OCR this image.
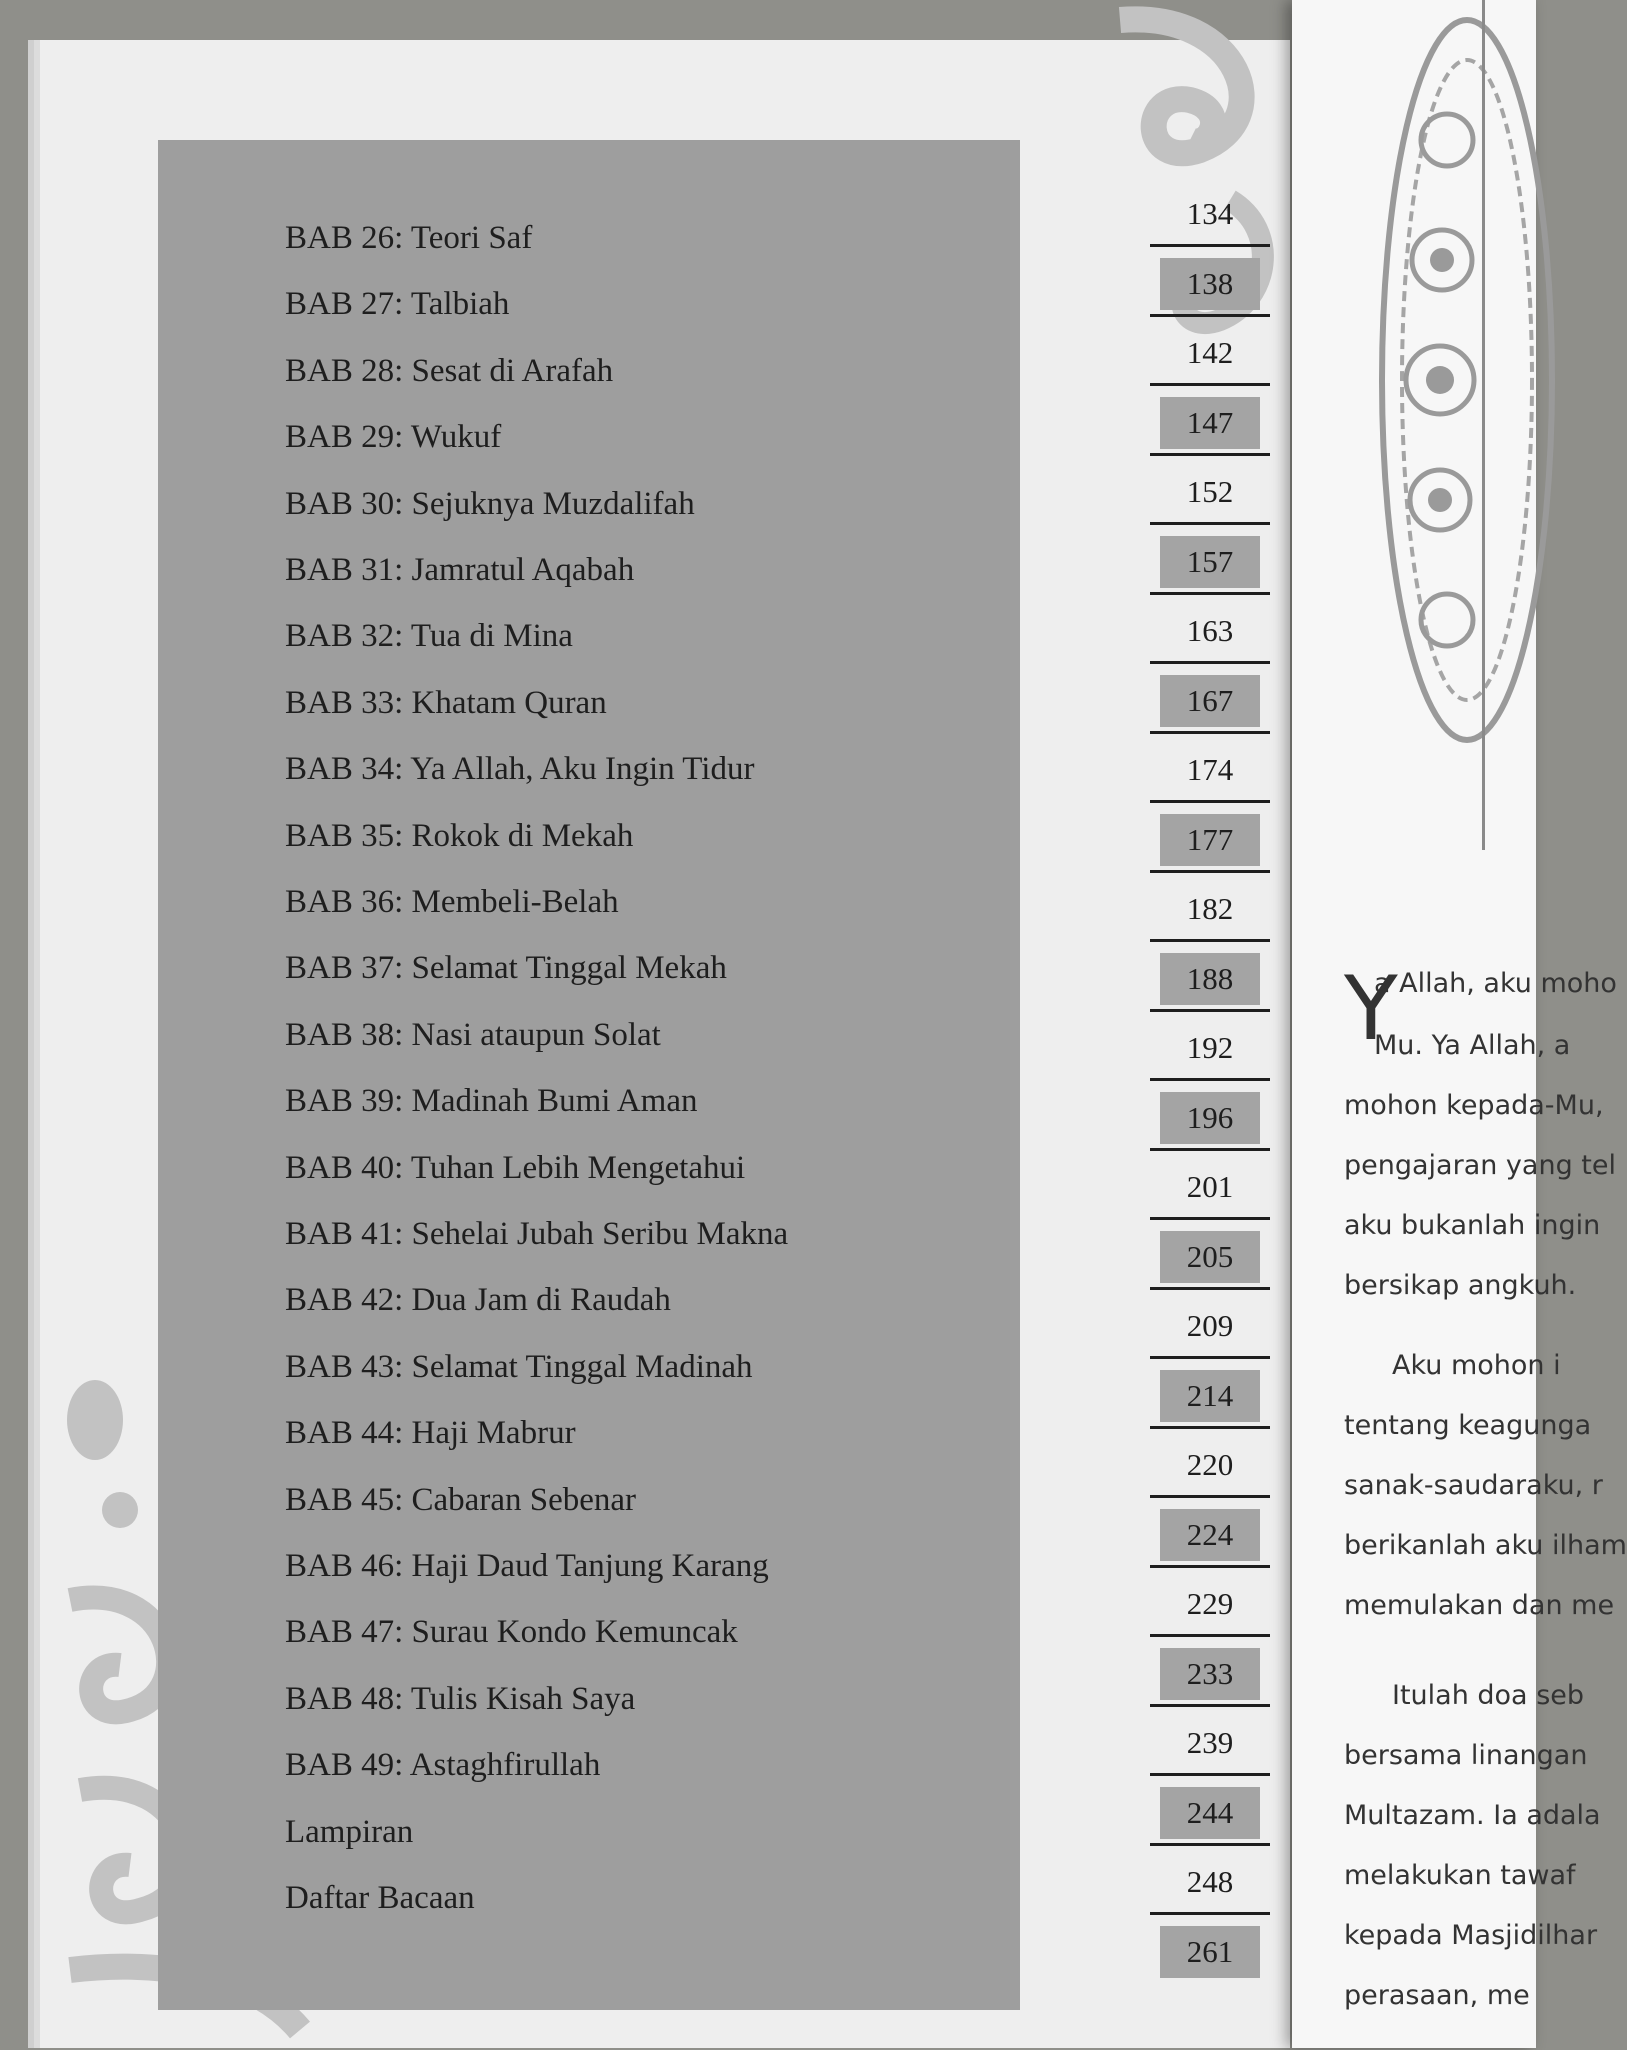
BAB 26: Teori Saf
BAB 27: Talbiah
BAB 28: Sesat di Arafah
BAB 29: Wukuf
BAB 30: Sejuknya Muzdalifah
BAB 31: Jamratul Aqabah
BAB 32: Tua di Mina
BAB 33: Khatam Quran
BAB 34: Ya Allah, Aku Ingin Tidur
BAB 35: Rokok di Mekah
BAB 36: Membeli-Belah
BAB 37: Selamat Tinggal Mekah
BAB 38: Nasi ataupun Solat
BAB 39: Madinah Bumi Aman
BAB 40: Tuhan Lebih Mengetahui
BAB 41: Sehelai Jubah Seribu Makna
BAB 42: Dua Jam di Raudah
BAB 43: Selamat Tinggal Madinah
BAB 44: Haji Mabrur
BAB 45: Cabaran Sebenar
BAB 46: Haji Daud Tanjung Karang
BAB 47: Surau Kondo Kemuncak
BAB 48: Tulis Kisah Saya
BAB 49: Astaghfirullah
Lampiran
Daftar Bacaan
134
138
142
147
152
157
163
167
174
177
182
188
192
196
201
205
209
214
220
224
229
233
239
244
248
261
Y
a Allah, aku moho
Mu. Ya Allah, a
mohon kepada-Mu,
pengajaran yang tel
aku bukanlah ingin
bersikap angkuh.
Aku mohon i
tentang keagunga
sanak-saudaraku, r
berikanlah aku ilham
memulakan dan me
Itulah doa seb
bersama linangan
Multazam. Ia adala
melakukan tawaf
kepada Masjidilhar
perasaan, me
